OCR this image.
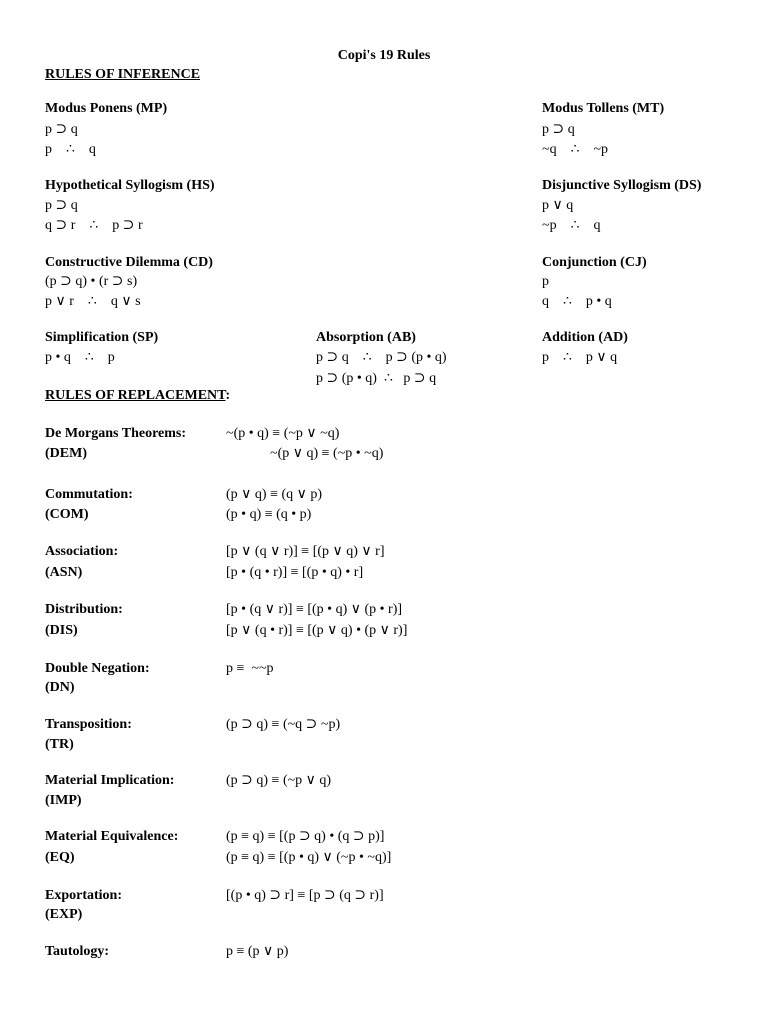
Copi's 19 Rules
RULES OF INFERENCE
Modus Ponens (MP)
p ⊃ q
p    ∴    q
Modus Tollens (MT)
p ⊃ q
~q    ∴    ~p
Hypothetical Syllogism (HS)
p ⊃ q
q ⊃ r    ∴    p ⊃ r
Disjunctive Syllogism (DS)
p ∨ q
~p    ∴    q
Constructive Dilemma (CD)
(p ⊃ q) • (r ⊃ s)
p ∨ r    ∴    q ∨ s
Conjunction (CJ)
p
q    ∴    p • q
Simplification (SP)
p • q    ∴    p
Absorption (AB)
p ⊃ q    ∴    p ⊃ (p • q)
p ⊃ (p • q)  ∴   p ⊃ q
Addition (AD)
p    ∴    p ∨ q
RULES OF REPLACEMENT:
De Morgans Theorems:
(DEM)
~(p • q) ≡ (~p ∨ ~q)
~(p ∨ q) ≡ (~p • ~q)
Commutation:
(COM)
(p ∨ q) ≡ (q ∨ p)
(p • q) ≡ (q • p)
Association:
(ASN)
[p ∨ (q ∨ r)] ≡ [(p ∨ q) ∨ r]
[p • (q • r)] ≡ [(p • q) • r]
Distribution:
(DIS)
[p • (q ∨ r)] ≡ [(p • q) ∨ (p • r)]
[p ∨ (q • r)] ≡ [(p ∨ q) • (p ∨ r)]
Double Negation:
(DN)
p ≡  ~~p
Transposition:
(TR)
(p ⊃ q) ≡ (~q ⊃ ~p)
Material Implication:
(IMP)
(p ⊃ q) ≡ (~p ∨ q)
Material Equivalence:
(EQ)
(p ≡ q) ≡ [(p ⊃ q) • (q ⊃ p)]
(p ≡ q) ≡ [(p • q) ∨ (~p • ~q)]
Exportation:
(EXP)
[(p • q) ⊃ r] ≡ [p ⊃ (q ⊃ r)]
Tautology:	p ≡ (p ∨ p)
